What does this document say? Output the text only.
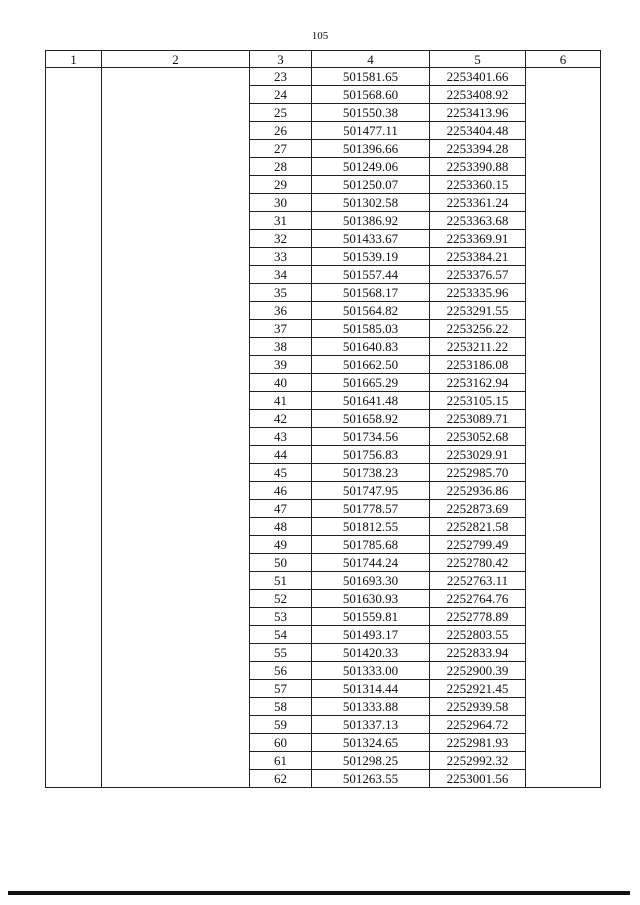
105
1	2	3	4	5	6
		23	501581.65	2253401.66	
		24	501568.60	2253408.92	
		25	501550.38	2253413.96	
		26	501477.11	2253404.48	
		27	501396.66	2253394.28	
		28	501249.06	2253390.88	
		29	501250.07	2253360.15	
		30	501302.58	2253361.24	
		31	501386.92	2253363.68	
		32	501433.67	2253369.91	
		33	501539.19	2253384.21	
		34	501557.44	2253376.57	
		35	501568.17	2253335.96	
		36	501564.82	2253291.55	
		37	501585.03	2253256.22	
		38	501640.83	2253211.22	
		39	501662.50	2253186.08	
		40	501665.29	2253162.94	
		41	501641.48	2253105.15	
		42	501658.92	2253089.71	
		43	501734.56	2253052.68	
		44	501756.83	2253029.91	
		45	501738.23	2252985.70	
		46	501747.95	2252936.86	
		47	501778.57	2252873.69	
		48	501812.55	2252821.58	
		49	501785.68	2252799.49	
		50	501744.24	2252780.42	
		51	501693.30	2252763.11	
		52	501630.93	2252764.76	
		53	501559.81	2252778.89	
		54	501493.17	2252803.55	
		55	501420.33	2252833.94	
		56	501333.00	2252900.39	
		57	501314.44	2252921.45	
		58	501333.88	2252939.58	
		59	501337.13	2252964.72	
		60	501324.65	2252981.93	
		61	501298.25	2252992.32	
		62	501263.55	2253001.56	
